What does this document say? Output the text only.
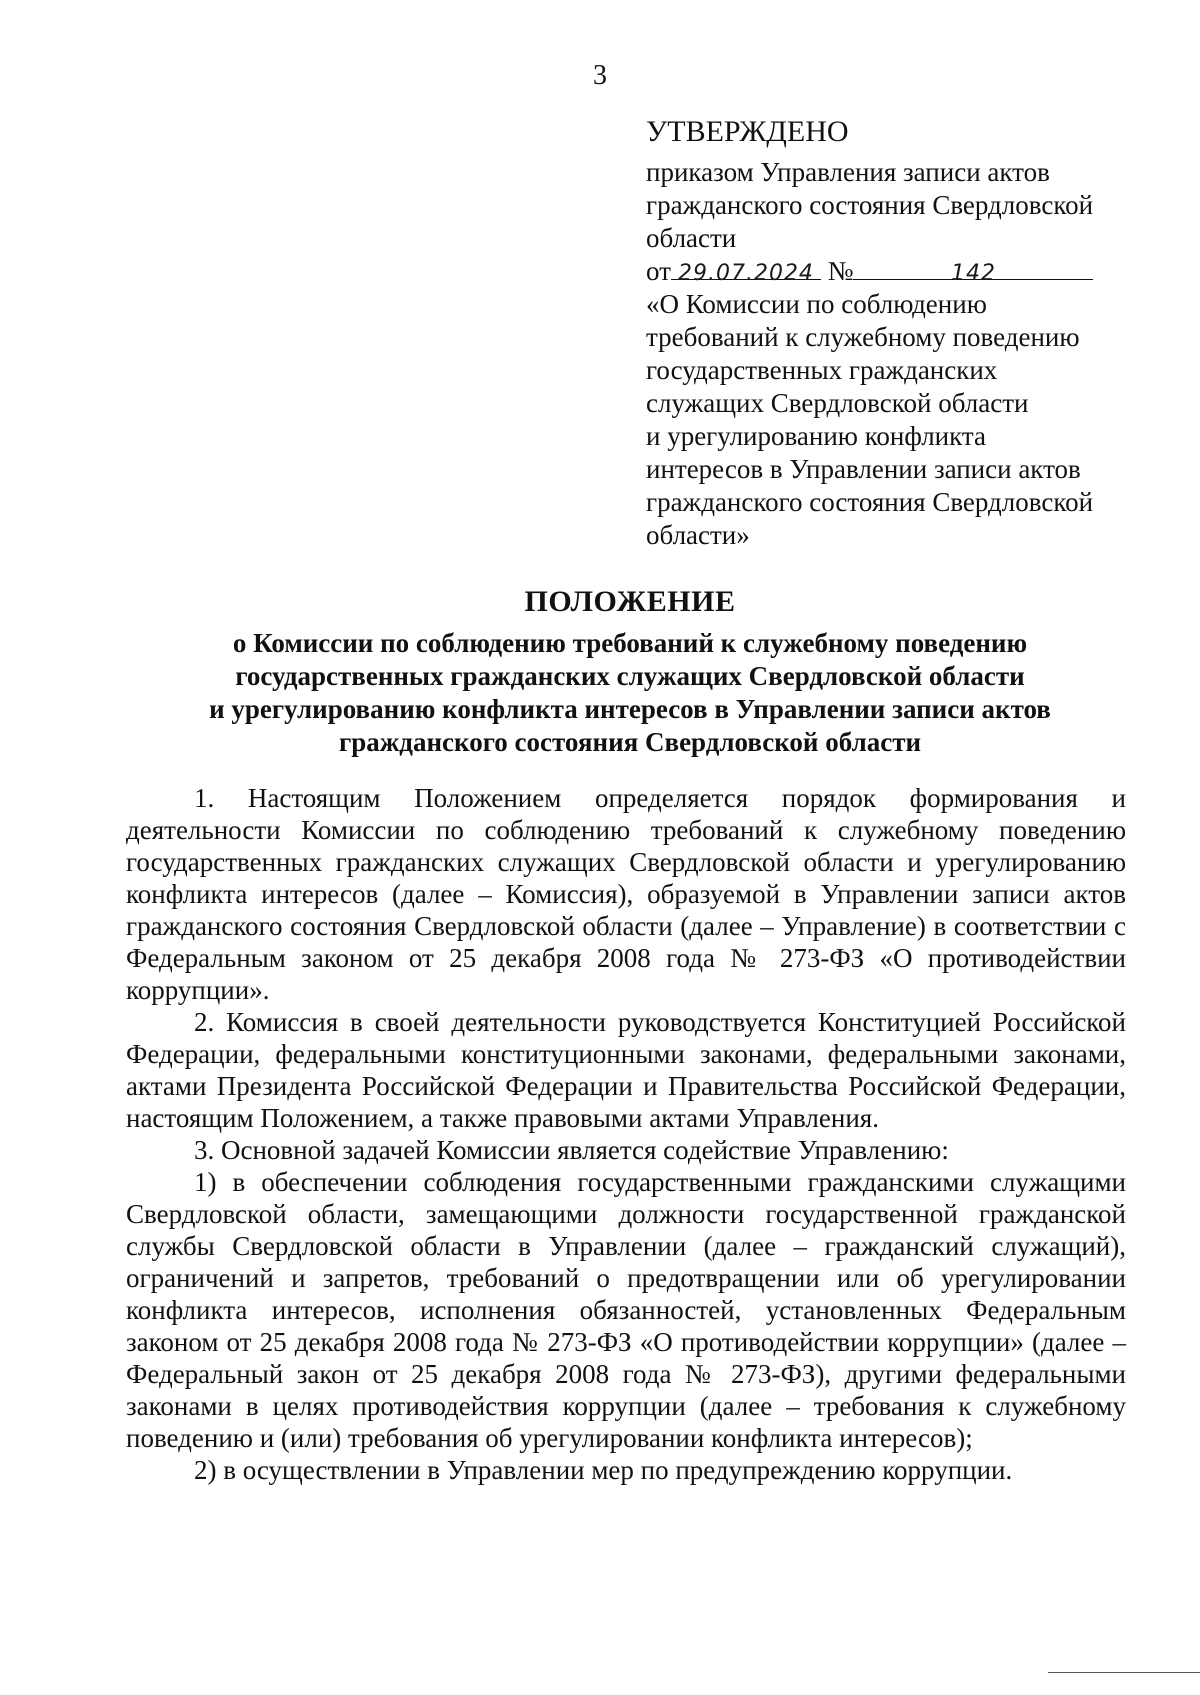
3
УТВЕРЖДЕНО
приказом Управления записи актов
гражданского состояния Свердловской
области
от 29.07.2024 №	142
«О Комиссии по соблюдению
требований к служебному поведению
государственных гражданских
служащих Свердловской области
и урегулированию конфликта
интересов в Управлении записи актов
гражданского состояния Свердловской
области»
ПОЛОЖЕНИЕ
о Комиссии по соблюдению требований к служебному поведению
государственных гражданских служащих Свердловской области
и урегулированию конфликта интересов в Управлении записи актов
гражданского состояния Свердловской области

1. Настоящим Положением определяется порядок формирования и деятельности Комиссии по соблюдению требований к служебному поведению государственных гражданских служащих Свердловской области и урегулированию конфликта интересов (далее – Комиссия), образуемой в Управлении записи актов гражданского состояния Свердловской области (далее – Управление) в соответствии с Федеральным законом от 25 декабря 2008 года № 273-ФЗ «О противодействии коррупции».

2. Комиссия в своей деятельности руководствуется Конституцией Российской Федерации, федеральными конституционными законами, федеральными законами, актами Президента Российской Федерации и Правительства Российской Федерации, настоящим Положением, а также правовыми актами Управления.

3. Основной задачей Комиссии является содействие Управлению:

1) в обеспечении соблюдения государственными гражданскими служащими Свердловской области, замещающими должности государственной гражданской службы Свердловской области в Управлении (далее – гражданский служащий), ограничений и запретов, требований о предотвращении или об урегулировании конфликта интересов, исполнения обязанностей, установленных Федеральным законом от 25 декабря 2008 года № 273-ФЗ «О противодействии коррупции» (далее – Федеральный закон от 25 декабря 2008 года № 273-ФЗ), другими федеральными законами в целях противодействия коррупции (далее – требования к служебному поведению и (или) требования об урегулировании конфликта интересов);

2) в осуществлении в Управлении мер по предупреждению коррупции.
